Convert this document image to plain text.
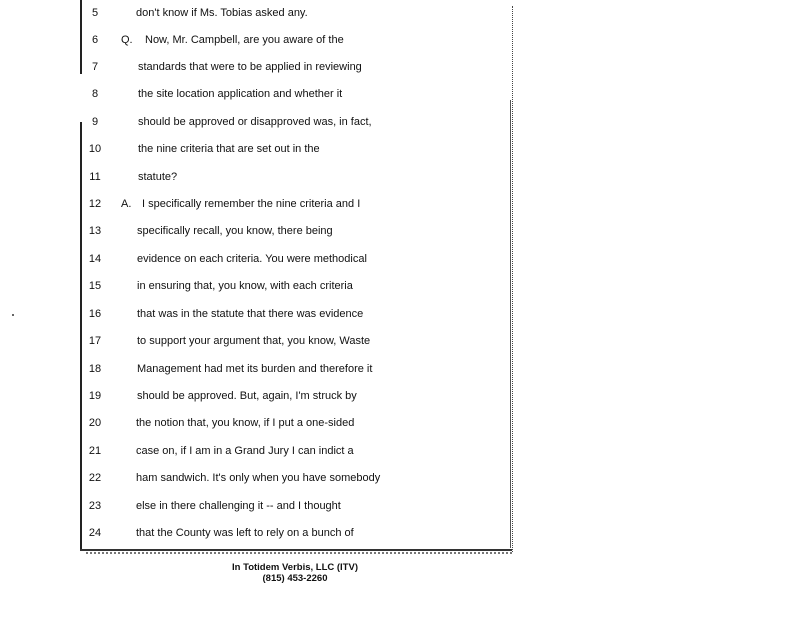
5	don't know if Ms. Tobias asked any.
6	Q. Now, Mr. Campbell, are you aware of the
7	standards that were to be applied in reviewing
8	the site location application and whether it
9	should be approved or disapproved was, in fact,
10	the nine criteria that are set out in the
11	statute?
12	A. I specifically remember the nine criteria and I
13	specifically recall, you know, there being
14	evidence on each criteria. You were methodical
15	in ensuring that, you know, with each criteria
16	that was in the statute that there was evidence
17	to support your argument that, you know, Waste
18	Management had met its burden and therefore it
19	should be approved. But, again, I'm struck by
20	the notion that, you know, if I put a one-sided
21	case on, if I am in a Grand Jury I can indict a
22	ham sandwich. It's only when you have somebody
23	else in there challenging it -- and I thought
24	that the County was left to rely on a bunch of
In Totidem Verbis, LLC (ITV)
(815) 453-2260
